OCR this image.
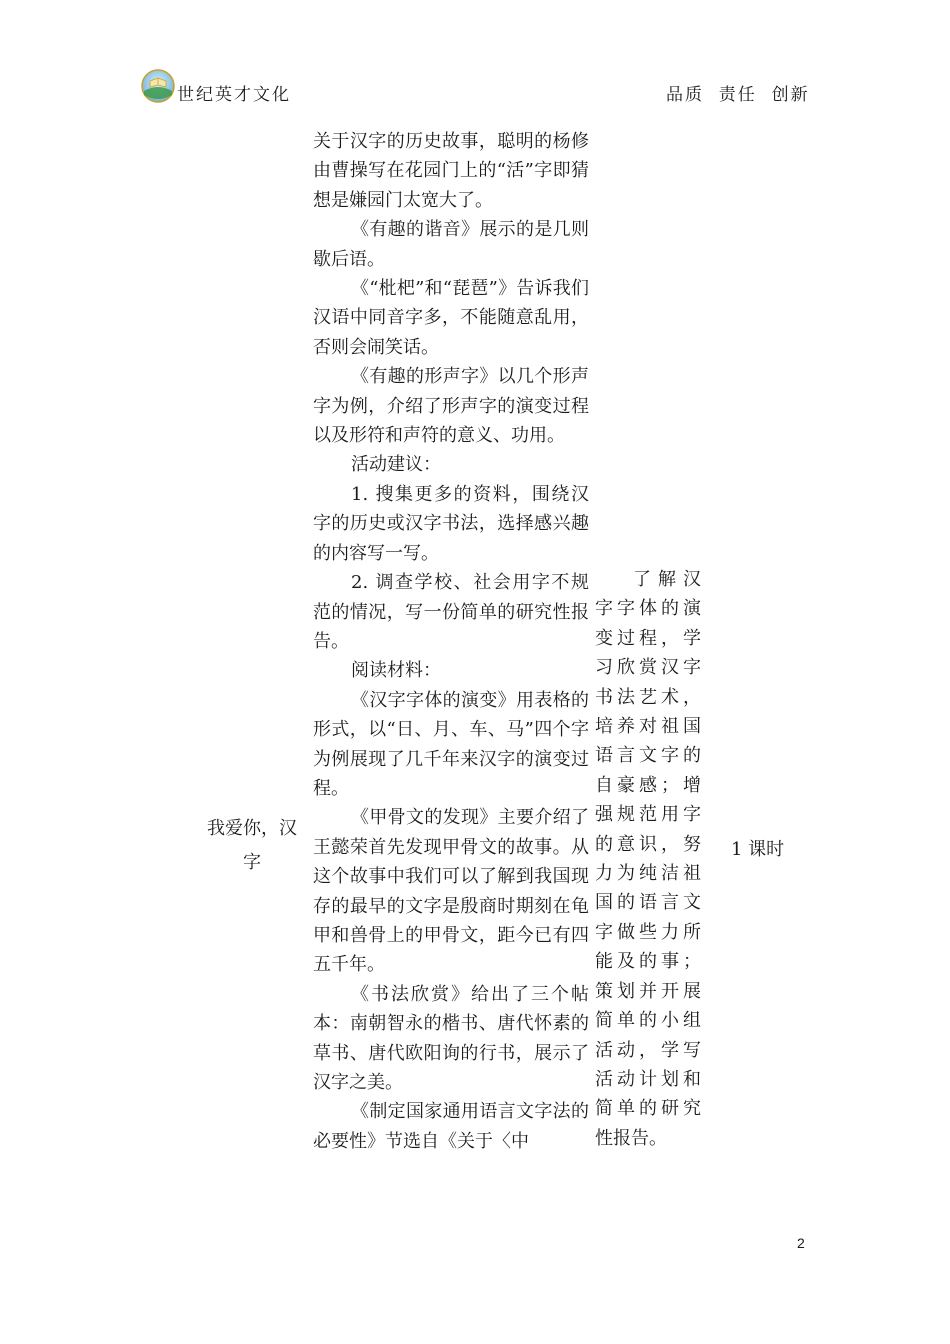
世纪英才文化	品质  责任  创新

关于汉字的历史故事，聪明的杨修由曹操写在花园门上的“活”字即猜想是嫌园门太宽大了。

《有趣的谐音》展示的是几则歇后语。

《“枇杷”和“琵琶”》告诉我们汉语中同音字多，不能随意乱用，否则会闹笑话。

《有趣的形声字》以几个形声字为例，介绍了形声字的演变过程以及形符和声符的意义、功用。

活动建议：

1. 搜集更多的资料，围绕汉字的历史或汉字书法，选择感兴趣的内容写一写。

2. 调查学校、社会用字不规范的情况，写一份简单的研究性报告。

阅读材料：

《汉字字体的演变》用表格的形式，以“日、月、车、马”四个字为例展现了几千年来汉字的演变过程。

《甲骨文的发现》主要介绍了王懿荣首先发现甲骨文的故事。从这个故事中我们可以了解到我国现存的最早的文字是殷商时期刻在龟甲和兽骨上的甲骨文，距今已有四五千年。

《书法欣赏》给出了三个帖本：南朝智永的楷书、唐代怀素的草书、唐代欧阳询的行书，展示了汉字之美。

《制定国家通用语言文字法的必要性》节选自《关于〈中

我爱你，汉字
了解汉字字体的演变过程，学习欣赏汉字书法艺术，培养对祖国语言文字的自豪感；增强规范用字的意识，努力为纯洁祖国的语言文字做些力所能及的事；策划并开展简单的小组活动，学写活动计划和简单的研究性报告。
1 课时
2
